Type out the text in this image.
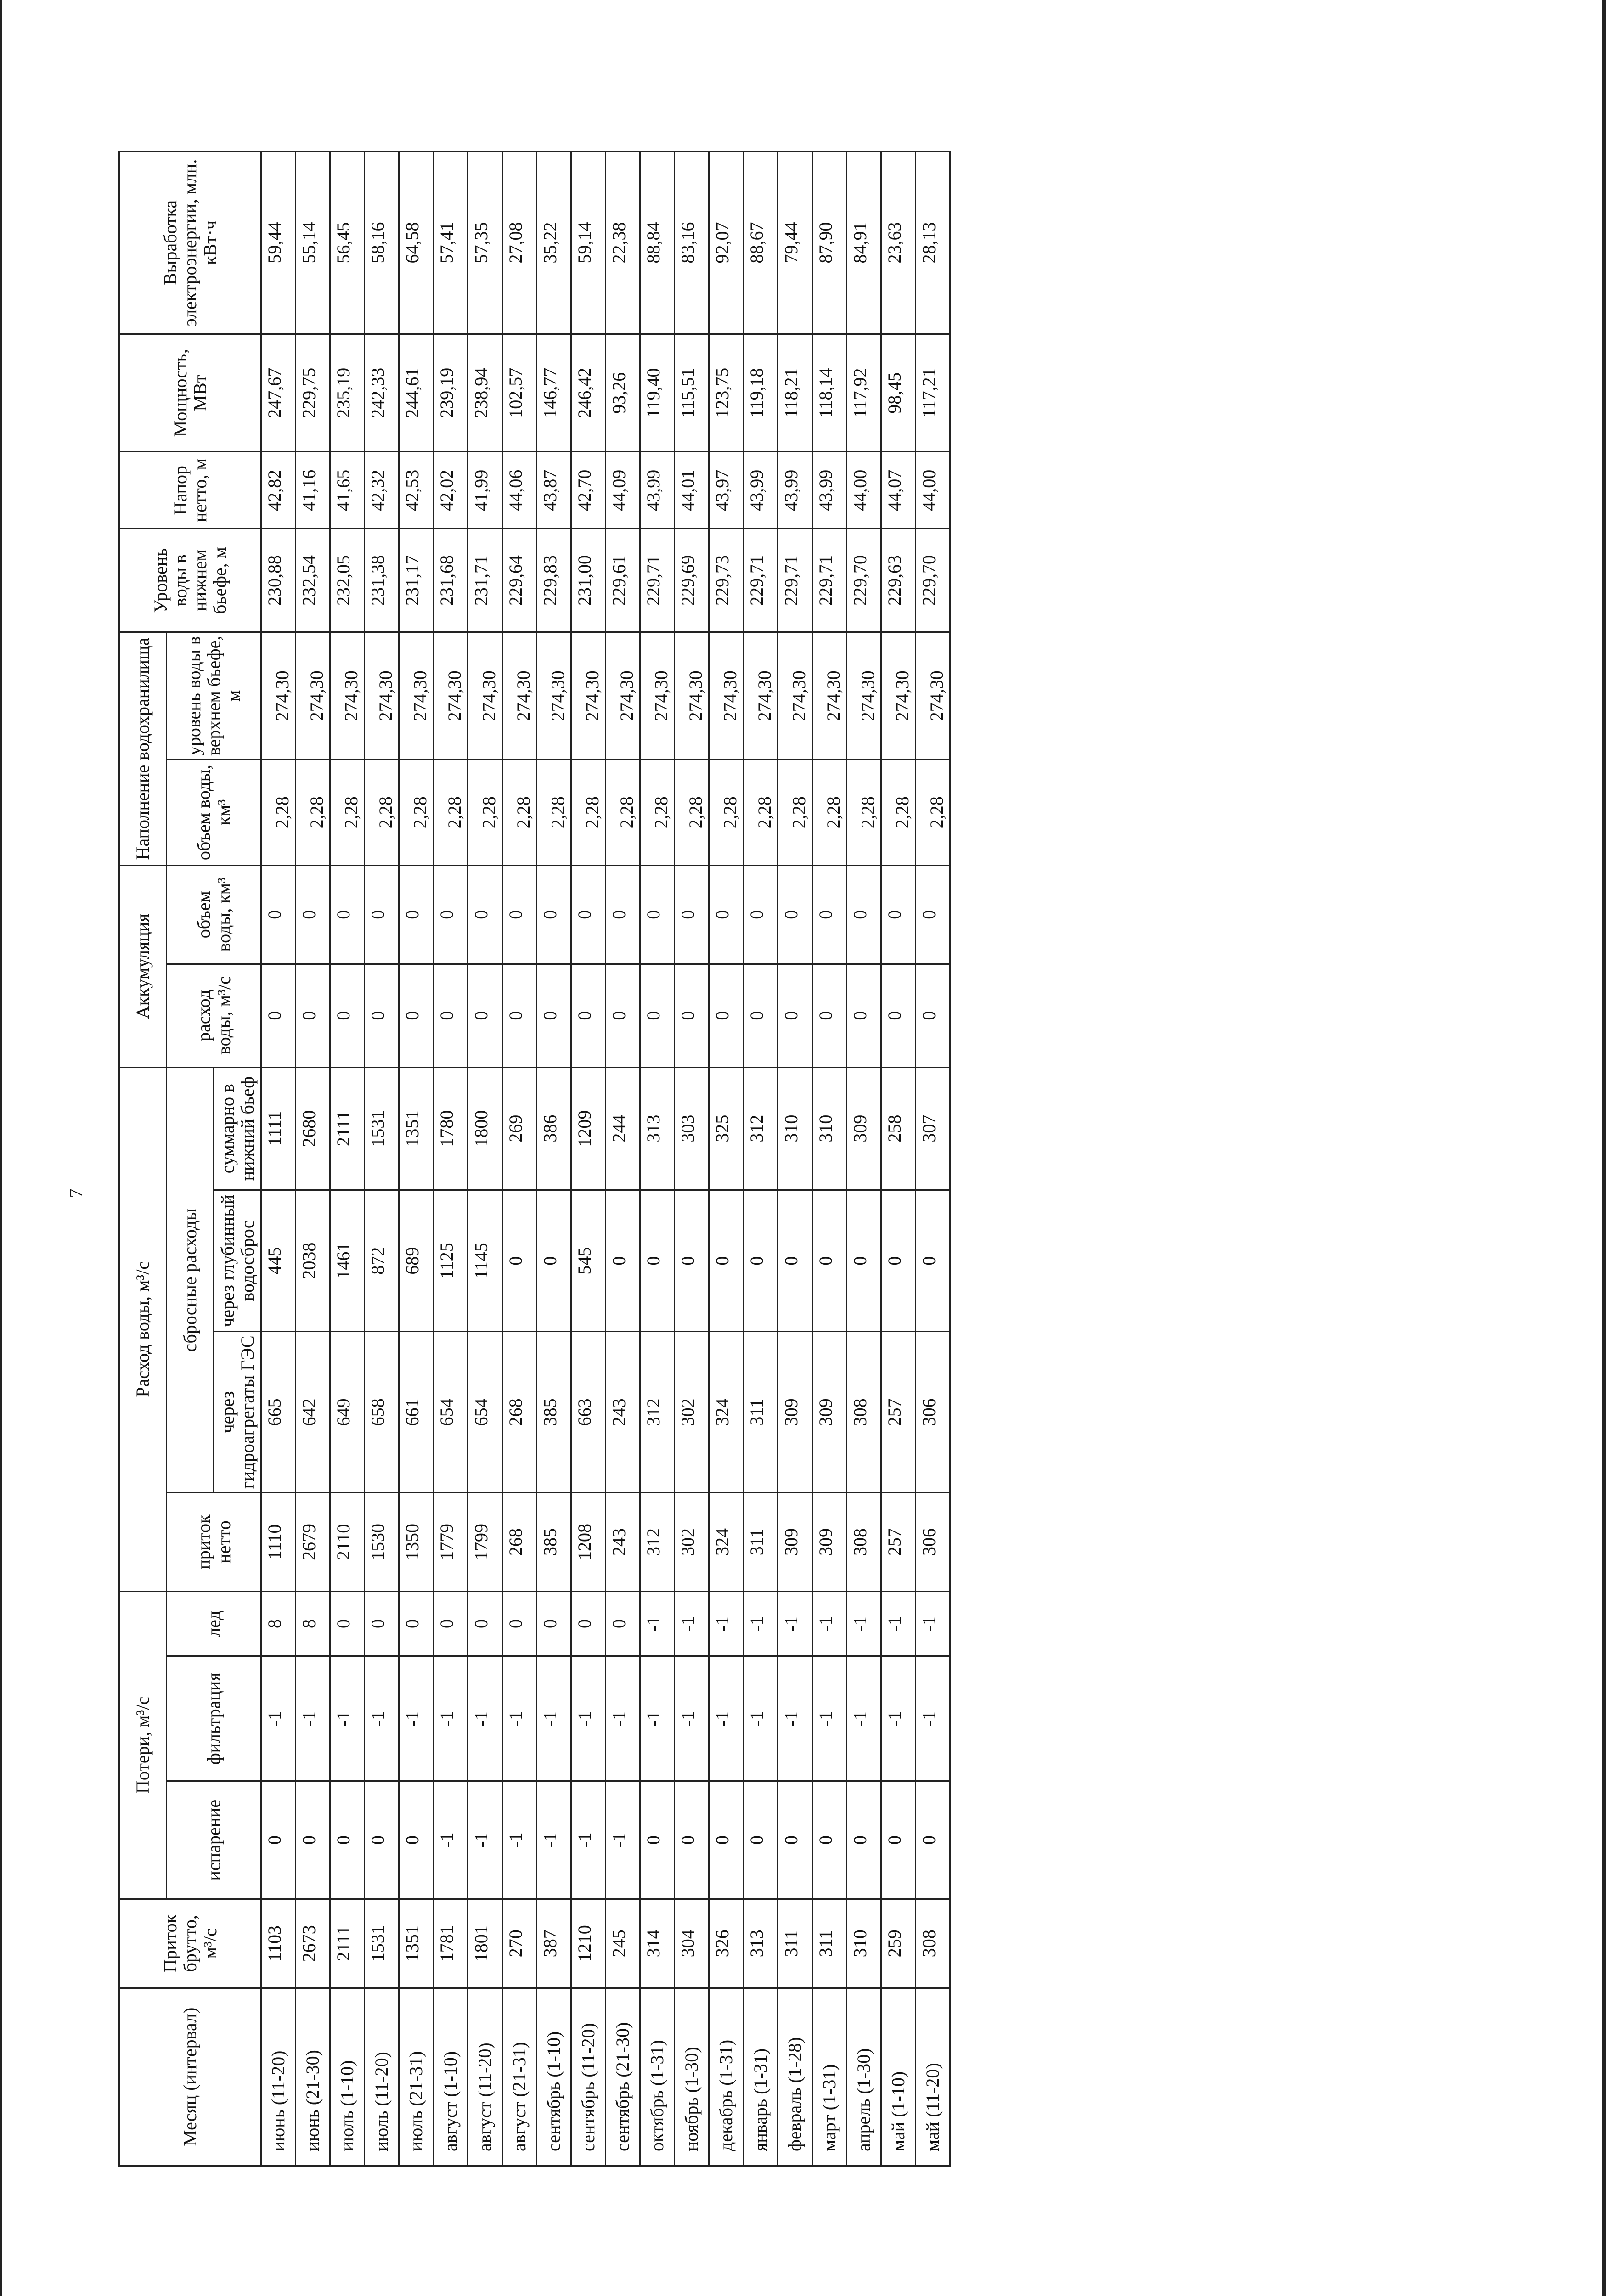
7
Месяц (интервал)	Приток брутто, м³/с	Потери, м³/с			Расход воды, м³/с				Аккумуляция		Наполнение водохранилища		Уровень воды в нижнем бьефе, м	Напор нетто, м	Мощность, МВт	Выработка электроэнергии, млн. кВт·ч
		испарение	фильтрация	лед	приток нетто	сбросные расходы			расход воды, м³/с	объем воды, км³	объем воды, км³	уровень воды в верхнем бьефе, м				
						через гидроагрегаты ГЭС	через глубинный водосброс	суммарно в нижний бьеф								
июнь (11-20)	1103	0	-1	8	1110	665	445	1111	0	0	2,28	274,30	230,88	42,82	247,67	59,44

июнь (21-30)	2673	0	-1	8	2679	642	2038	2680	0	0	2,28	274,30	232,54	41,16	229,75	55,14

июль (1-10)	2111	0	-1	0	2110	649	1461	2111	0	0	2,28	274,30	232,05	41,65	235,19	56,45

июль (11-20)	1531	0	-1	0	1530	658	872	1531	0	0	2,28	274,30	231,38	42,32	242,33	58,16

июль (21-31)	1351	0	-1	0	1350	661	689	1351	0	0	2,28	274,30	231,17	42,53	244,61	64,58

август (1-10)	1781	-1	-1	0	1779	654	1125	1780	0	0	2,28	274,30	231,68	42,02	239,19	57,41

август (11-20)	1801	-1	-1	0	1799	654	1145	1800	0	0	2,28	274,30	231,71	41,99	238,94	57,35

август (21-31)	270	-1	-1	0	268	268	0	269	0	0	2,28	274,30	229,64	44,06	102,57	27,08

сентябрь (1-10)	387	-1	-1	0	385	385	0	386	0	0	2,28	274,30	229,83	43,87	146,77	35,22

сентябрь (11-20)	1210	-1	-1	0	1208	663	545	1209	0	0	2,28	274,30	231,00	42,70	246,42	59,14

сентябрь (21-30)	245	-1	-1	0	243	243	0	244	0	0	2,28	274,30	229,61	44,09	93,26	22,38

октябрь (1-31)	314	0	-1	-1	312	312	0	313	0	0	2,28	274,30	229,71	43,99	119,40	88,84

ноябрь (1-30)	304	0	-1	-1	302	302	0	303	0	0	2,28	274,30	229,69	44,01	115,51	83,16

декабрь (1-31)	326	0	-1	-1	324	324	0	325	0	0	2,28	274,30	229,73	43,97	123,75	92,07

январь (1-31)	313	0	-1	-1	311	311	0	312	0	0	2,28	274,30	229,71	43,99	119,18	88,67

февраль (1-28)	311	0	-1	-1	309	309	0	310	0	0	2,28	274,30	229,71	43,99	118,21	79,44

март (1-31)	311	0	-1	-1	309	309	0	310	0	0	2,28	274,30	229,71	43,99	118,14	87,90

апрель (1-30)	310	0	-1	-1	308	308	0	309	0	0	2,28	274,30	229,70	44,00	117,92	84,91

май (1-10)	259	0	-1	-1	257	257	0	258	0	0	2,28	274,30	229,63	44,07	98,45	23,63

май (11-20)	308	0	-1	-1	306	306	0	307	0	0	2,28	274,30	229,70	44,00	117,21	28,13
